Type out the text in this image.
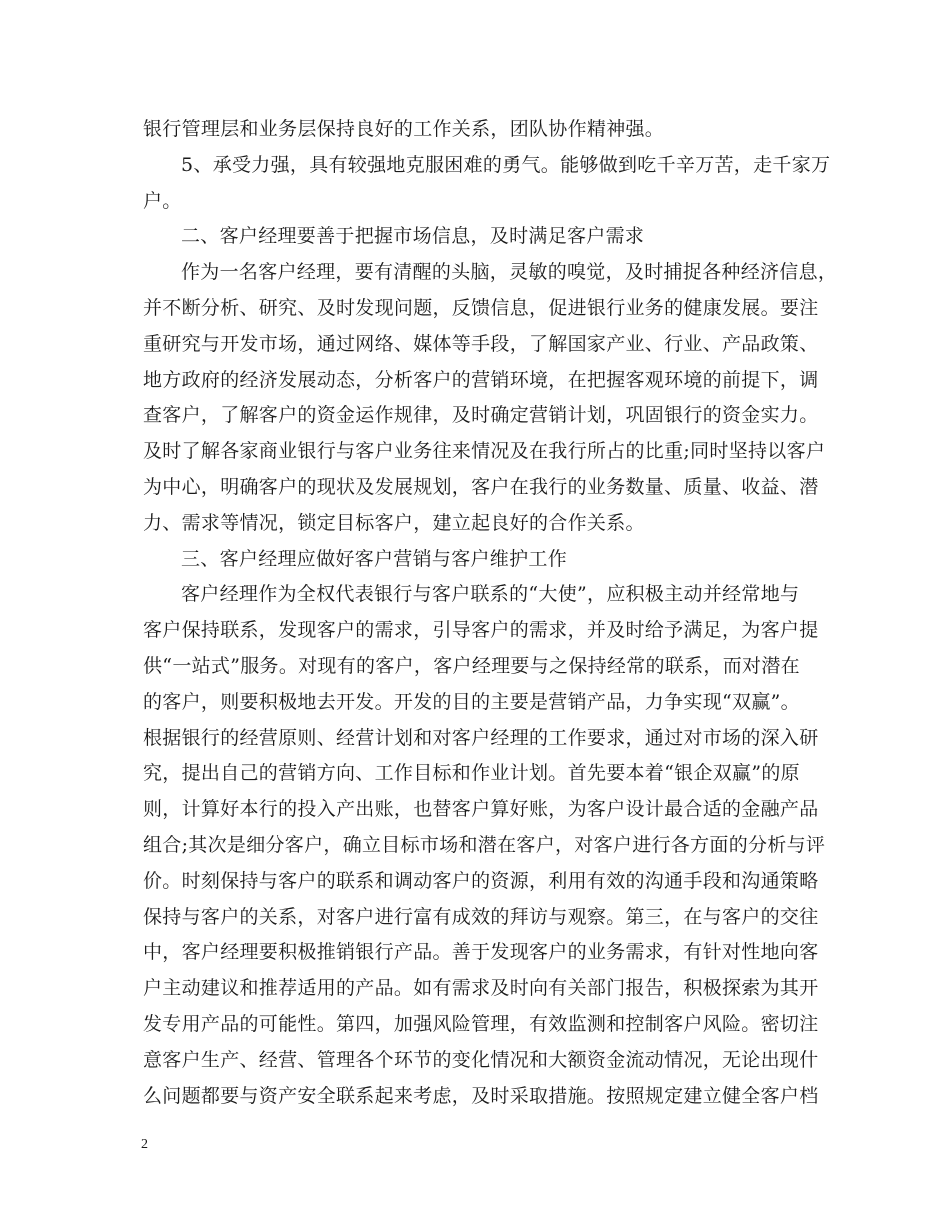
银行管理层和业务层保持良好的工作关系，团队协作精神强。
5、承受力强，具有较强地克服困难的勇气。能够做到吃千辛万苦，走千家万
户。
二、客户经理要善于把握市场信息，及时满足客户需求
作为一名客户经理，要有清醒的头脑，灵敏的嗅觉，及时捕捉各种经济信息，
并不断分析、研究、及时发现问题，反馈信息，促进银行业务的健康发展。要注
重研究与开发市场，通过网络、媒体等手段，了解国家产业、行业、产品政策、
地方政府的经济发展动态，分析客户的营销环境，在把握客观环境的前提下，调
查客户，了解客户的资金运作规律，及时确定营销计划，巩固银行的资金实力。
及时了解各家商业银行与客户业务往来情况及在我行所占的比重;同时坚持以客户
为中心，明确客户的现状及发展规划，客户在我行的业务数量、质量、收益、潜
力、需求等情况，锁定目标客户，建立起良好的合作关系。
三、客户经理应做好客户营销与客户维护工作
客户经理作为全权代表银行与客户联系的“大使”，应积极主动并经常地与
客户保持联系，发现客户的需求，引导客户的需求，并及时给予满足，为客户提
供“一站式”服务。对现有的客户，客户经理要与之保持经常的联系，而对潜在
的客户，则要积极地去开发。开发的目的主要是营销产品，力争实现“双赢”。
根据银行的经营原则、经营计划和对客户经理的工作要求，通过对市场的深入研
究，提出自己的营销方向、工作目标和作业计划。首先要本着“银企双赢”的原
则，计算好本行的投入产出账，也替客户算好账，为客户设计最合适的金融产品
组合;其次是细分客户，确立目标市场和潜在客户，对客户进行各方面的分析与评
价。时刻保持与客户的联系和调动客户的资源，利用有效的沟通手段和沟通策略
保持与客户的关系，对客户进行富有成效的拜访与观察。第三，在与客户的交往
中，客户经理要积极推销银行产品。善于发现客户的业务需求，有针对性地向客
户主动建议和推荐适用的产品。如有需求及时向有关部门报告，积极探索为其开
发专用产品的可能性。第四，加强风险管理，有效监测和控制客户风险。密切注
意客户生产、经营、管理各个环节的变化情况和大额资金流动情况，无论出现什
么问题都要与资产安全联系起来考虑，及时采取措施。按照规定建立健全客户档
2
